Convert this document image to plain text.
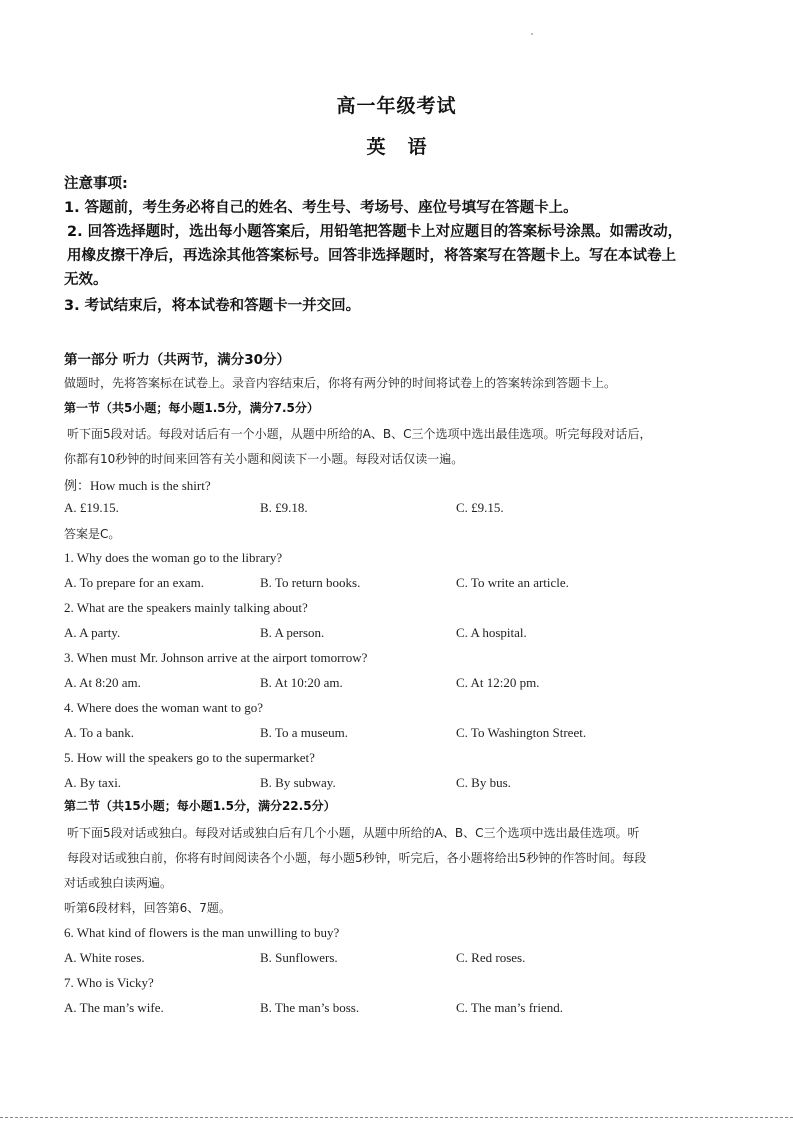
高一年级考试
英语
注意事项:
1. 答题前，考生务必将自己的姓名、考生号、考场号、座位号填写在答题卡上。
2. 回答选择题时，选出每小题答案后，用铅笔把答题卡上对应题目的答案标号涂黑。如需改动，
用橡皮擦干净后，再选涂其他答案标号。回答非选择题时，将答案写在答题卡上。写在本试卷上
无效。
3. 考试结束后，将本试卷和答题卡一并交回。
第一部分 听力（共两节，满分30分）
做题时，先将答案标在试卷上。录音内容结束后，你将有两分钟的时间将试卷上的答案转涂到答题卡上。
第一节（共5小题；每小题1.5分，满分7.5分）
听下面5段对话。每段对话后有一个小题，从题中所给的A、B、C三个选项中选出最佳选项。听完每段对话后，
你都有10秒钟的时间来回答有关小题和阅读下一小题。每段对话仅读一遍。
例：How much is the shirt?
A. £19.15.	B. £9.18.	C. £9.15.
答案是C。
1. Why does the woman go to the library?
A. To prepare for an exam.	B. To return books.	C. To write an article.
2. What are the speakers mainly talking about?
A. A party.	B. A person.	C. A hospital.
3. When must Mr. Johnson arrive at the airport tomorrow?
A. At 8:20 am.	B. At 10:20 am.	C. At 12:20 pm.
4. Where does the woman want to go?
A. To a bank.	B. To a museum.	C. To Washington Street.
5. How will the speakers go to the supermarket?
A. By taxi.	B. By subway.	C. By bus.
第二节（共15小题；每小题1.5分，满分22.5分）
听下面5段对话或独白。每段对话或独白后有几个小题，从题中所给的A、B、C三个选项中选出最佳选项。听
每段对话或独白前，你将有时间阅读各个小题，每小题5秒钟，听完后，各小题将给出5秒钟的作答时间。每段
对话或独白读两遍。
听第6段材料，回答第6、7题。
6. What kind of flowers is the man unwilling to buy?
A. White roses.	B. Sunflowers.	C. Red roses.
7. Who is Vicky?
A. The man’s wife.	B. The man’s boss.	C. The man’s friend.
